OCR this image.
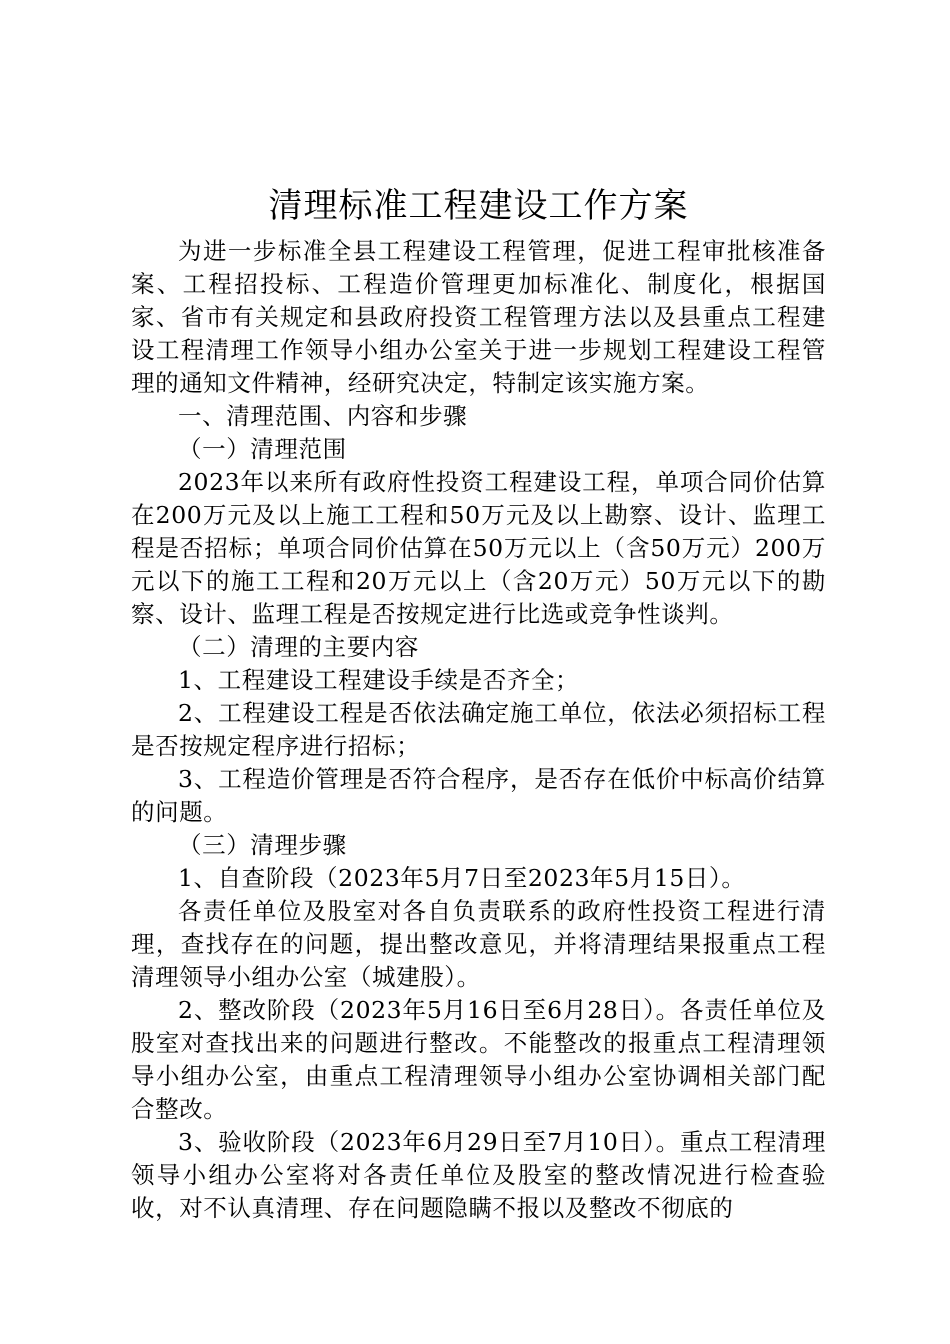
清理标准工程建设工作方案

为进一步标准全县工程建设工程管理，促进工程审批核准备案、工程招投标、工程造价管理更加标准化、制度化，根据国家、省市有关规定和县政府投资工程管理方法以及县重点工程建设工程清理工作领导小组办公室关于进一步规划工程建设工程管理的通知文件精神，经研究决定，特制定该实施方案。

一、清理范围、内容和步骤

（一）清理范围

2023年以来所有政府性投资工程建设工程，单项合同价估算在200万元及以上施工工程和50万元及以上勘察、设计、监理工程是否招标；单项合同价估算在50万元以上（含50万元）200万元以下的施工工程和20万元以上（含20万元）50万元以下的勘察、设计、监理工程是否按规定进行比选或竞争性谈判。

（二）清理的主要内容

1、工程建设工程建设手续是否齐全；

2、工程建设工程是否依法确定施工单位，依法必须招标工程是否按规定程序进行招标；

3、工程造价管理是否符合程序，是否存在低价中标高价结算的问题。

（三）清理步骤

1、自查阶段（2023年5月7日至2023年5月15日）。

各责任单位及股室对各自负责联系的政府性投资工程进行清理，查找存在的问题，提出整改意见，并将清理结果报重点工程清理领导小组办公室（城建股）。

2、整改阶段（2023年5月16日至6月28日）。各责任单位及股室对查找出来的问题进行整改。不能整改的报重点工程清理领导小组办公室，由重点工程清理领导小组办公室协调相关部门配合整改。

3、验收阶段（2023年6月29日至7月10日）。重点工程清理领导小组办公室将对各责任单位及股室的整改情况进行检查验收，对不认真清理、存在问题隐瞒不报以及整改不彻底的
